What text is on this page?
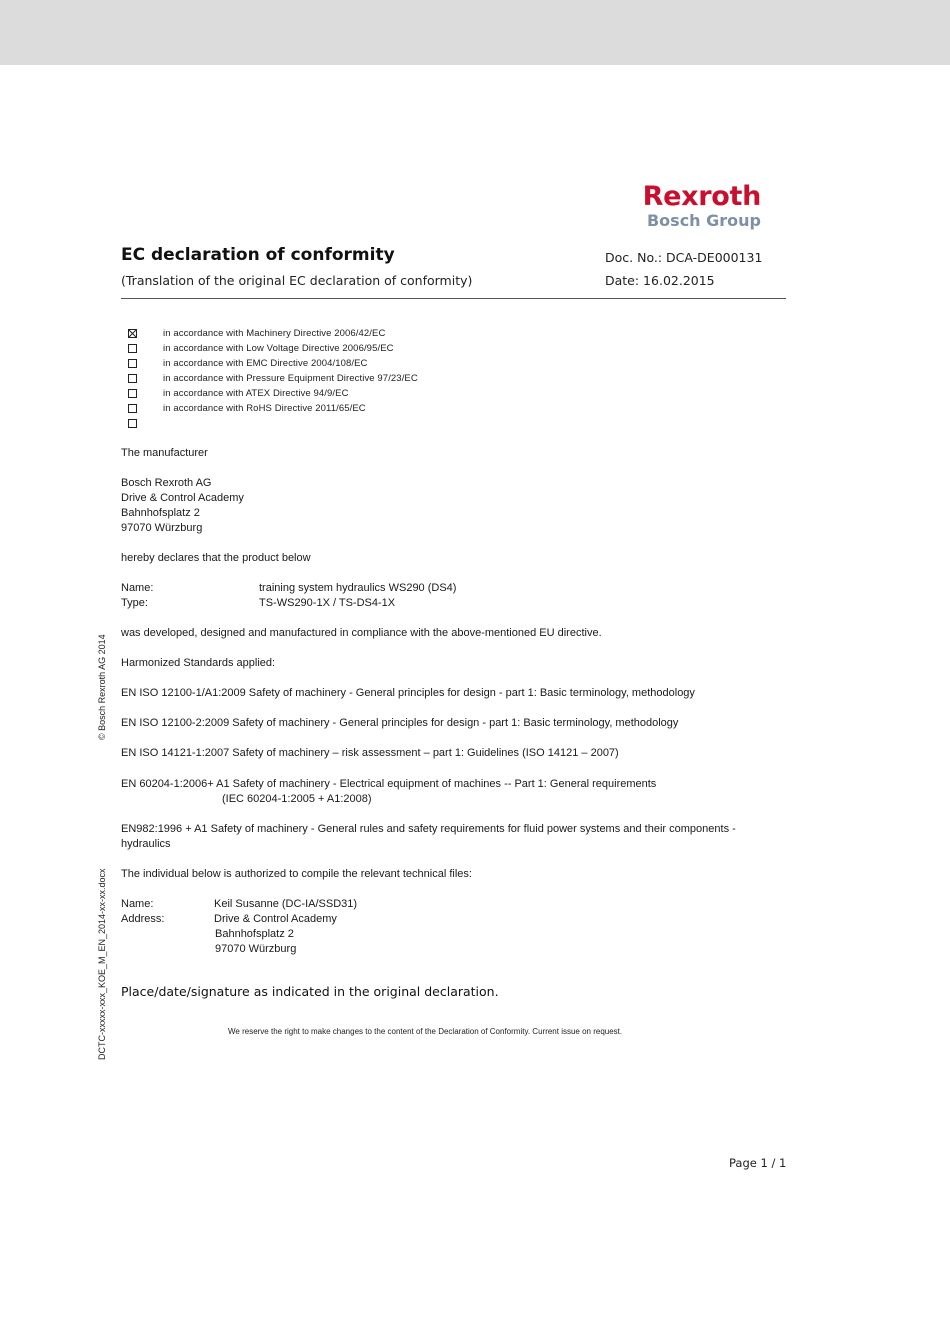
Rexroth
Bosch Group
EC declaration of conformity
(Translation of the original EC declaration of conformity)
Doc. No.: DCA-DE000131
Date: 16.02.2015
in accordance with Machinery Directive 2006/42/EC
in accordance with Low Voltage Directive 2006/95/EC
in accordance with EMC Directive 2004/108/EC
in accordance with Pressure Equipment Directive 97/23/EC
in accordance with ATEX Directive 94/9/EC
in accordance with RoHS Directive 2011/65/EC
The manufacturer
Bosch Rexroth AG
Drive & Control Academy
Bahnhofsplatz 2
97070 Würzburg
hereby declares that the product below
Name:	training system hydraulics WS290 (DS4)
Type:	TS-WS290-1X / TS-DS4-1X
was developed, designed and manufactured in compliance with the above-mentioned EU directive.
Harmonized Standards applied:
EN ISO 12100-1/A1:2009 Safety of machinery - General principles for design - part 1: Basic terminology, methodology
EN ISO 12100-2:2009 Safety of machinery - General principles for design - part 1: Basic terminology, methodology
EN ISO 14121-1:2007 Safety of machinery – risk assessment – part 1: Guidelines (ISO 14121 – 2007)
EN 60204-1:2006+ A1 Safety of machinery - Electrical equipment of machines -- Part 1: General requirements
(IEC 60204-1:2005 + A1:2008)
EN982:1996 + A1 Safety of machinery - General rules and safety requirements for fluid power systems and their components -
hydraulics
The individual below is authorized to compile the relevant technical files:
Name:	Keil Susanne (DC-IA/SSD31)
Address:	Drive & Control Academy
Bahnhofsplatz 2
97070 Würzburg
Place/date/signature as indicated in the original declaration.
We reserve the right to make changes to the content of the Declaration of Conformity. Current issue on request.
Page 1 / 1
© Bosch Rexroth AG 2014
DCTC-xxxxx-xxx_KOE_M_EN_2014-xx-xx.docx
